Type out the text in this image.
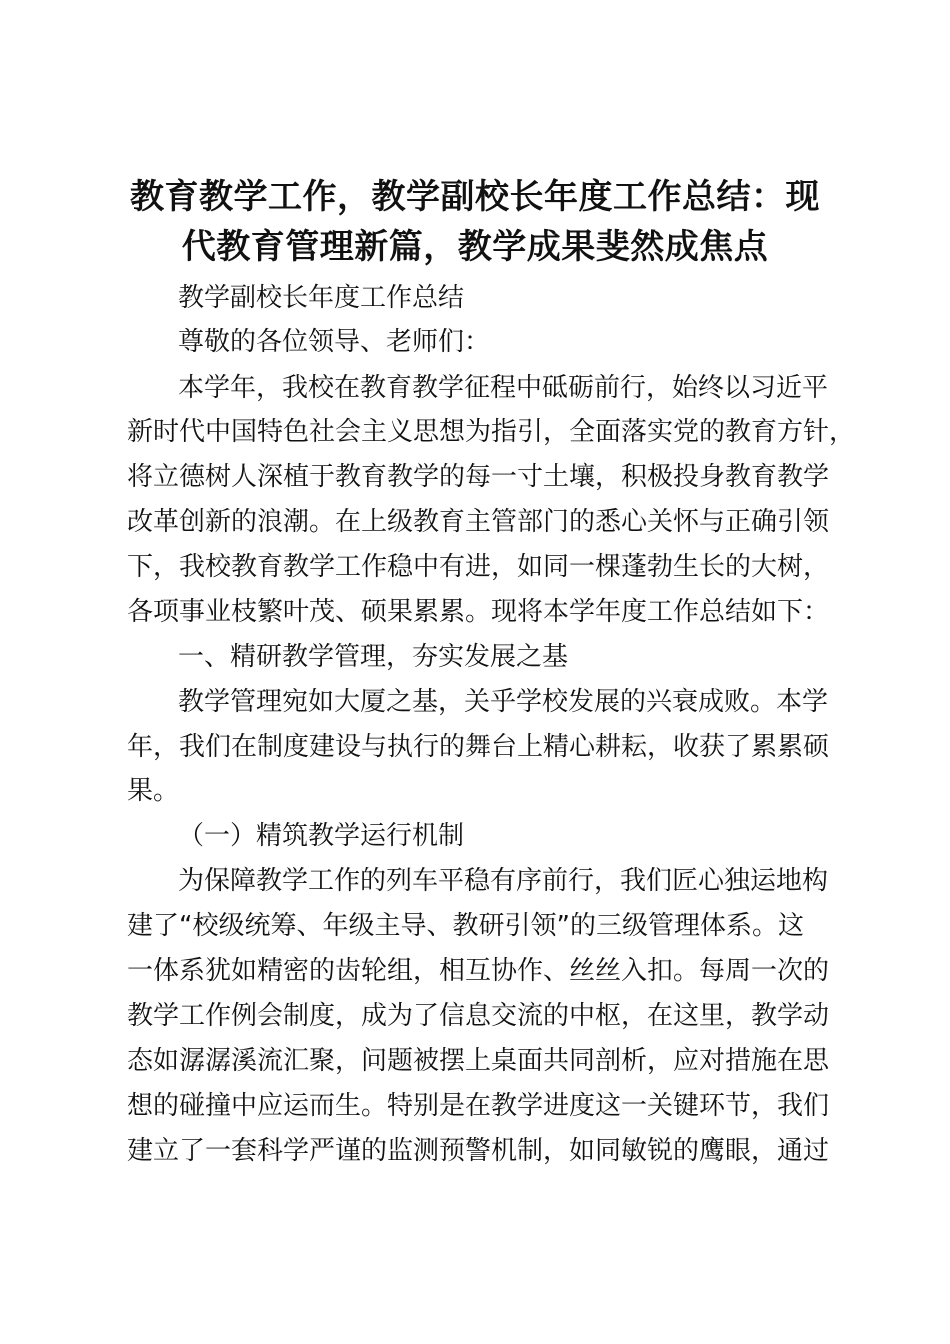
教育教学工作，教学副校长年度工作总结：现
代教育管理新篇，教学成果斐然成焦点

教学副校长年度工作总结

尊敬的各位领导、老师们：

本学年，我校在教育教学征程中砥砺前行，始终以习近平

新时代中国特色社会主义思想为指引，全面落实党的教育方针，

将立德树人深植于教育教学的每一寸土壤，积极投身教育教学

改革创新的浪潮。在上级教育主管部门的悉心关怀与正确引领

下，我校教育教学工作稳中有进，如同一棵蓬勃生长的大树，

各项事业枝繁叶茂、硕果累累。现将本学年度工作总结如下：

一、精研教学管理，夯实发展之基

教学管理宛如大厦之基，关乎学校发展的兴衰成败。本学

年，我们在制度建设与执行的舞台上精心耕耘，收获了累累硕

果。

（一）精筑教学运行机制

为保障教学工作的列车平稳有序前行，我们匠心独运地构

建了“校级统筹、年级主导、教研引领”的三级管理体系。这

一体系犹如精密的齿轮组，相互协作、丝丝入扣。每周一次的

教学工作例会制度，成为了信息交流的中枢，在这里，教学动

态如潺潺溪流汇聚，问题被摆上桌面共同剖析，应对措施在思

想的碰撞中应运而生。特别是在教学进度这一关键环节，我们

建立了一套科学严谨的监测预警机制，如同敏锐的鹰眼，通过
